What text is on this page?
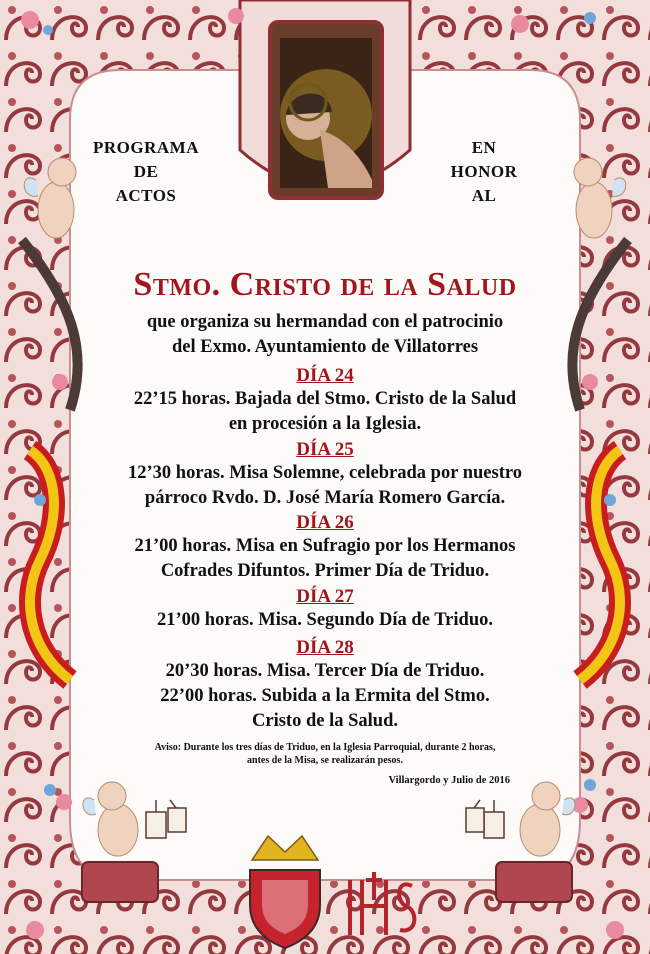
PROGRAMA
DE
ACTOS
EN
HONOR
AL
Stmo. Cristo de la Salud
que organiza su hermandad con el patrocinio
del Exmo. Ayuntamiento de Villatorres
DÍA 24
22’15 horas. Bajada del Stmo. Cristo de la Salud
en procesión a la Iglesia.
DÍA 25
12’30 horas. Misa Solemne, celebrada por nuestro
párroco Rvdo. D. José María Romero García.
DÍA 26
21’00 horas. Misa en Sufragio por los Hermanos
Cofrades Difuntos. Primer Día de Triduo.
DÍA 27
21’00 horas. Misa. Segundo Día de Triduo.
DÍA 28
20’30 horas. Misa. Tercer Día de Triduo.
22’00 horas. Subida a la Ermita del Stmo.
Cristo de la Salud.
Aviso: Durante los tres días de Triduo, en la Iglesia Parroquial, durante 2 horas,
antes de la Misa, se realizarán pesos.
Villargordo y Julio de 2016
